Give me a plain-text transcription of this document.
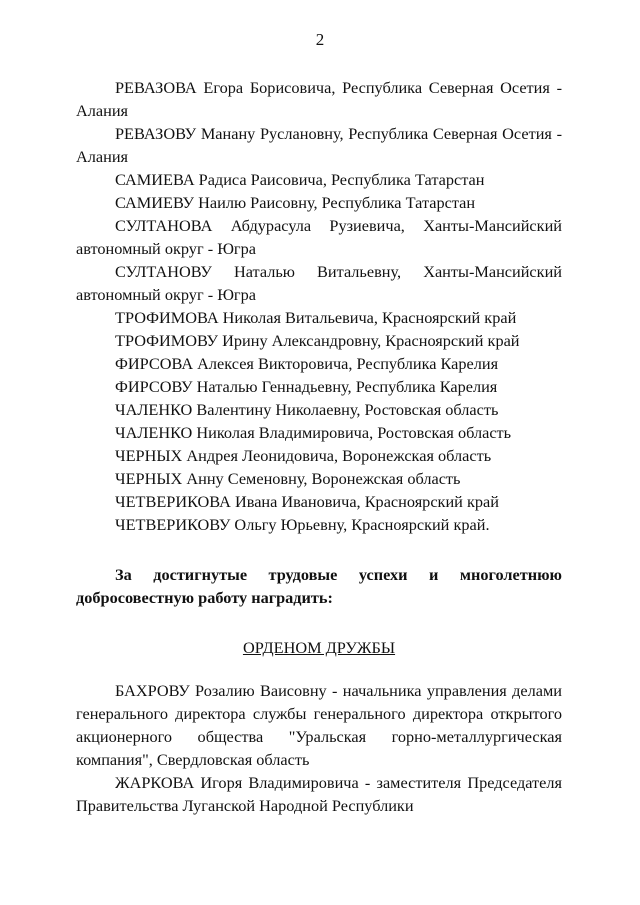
2

РЕВАЗОВА Егора Борисовича, Республика Северная Осетия - Алания

РЕВАЗОВУ Манану Руслановну, Республика Северная Осетия - Алания

САМИЕВА Радиса Раисовича, Республика Татарстан

САМИЕВУ Наилю Раисовну, Республика Татарстан

СУЛТАНОВА Абдурасула Рузиевича, Ханты-Мансийский автономный округ - Югра

СУЛТАНОВУ Наталью Витальевну, Ханты-Мансийский автономный округ - Югра

ТРОФИМОВА Николая Витальевича, Красноярский край

ТРОФИМОВУ Ирину Александровну, Красноярский край

ФИРСОВА Алексея Викторовича, Республика Карелия

ФИРСОВУ Наталью Геннадьевну, Республика Карелия

ЧАЛЕНКО Валентину Николаевну, Ростовская область

ЧАЛЕНКО Николая Владимировича, Ростовская область

ЧЕРНЫХ Андрея Леонидовича, Воронежская область

ЧЕРНЫХ Анну Семеновну, Воронежская область

ЧЕТВЕРИКОВА Ивана Ивановича, Красноярский край

ЧЕТВЕРИКОВУ Ольгу Юрьевну, Красноярский край.

За достигнутые трудовые успехи и многолетнюю добросовестную работу наградить:

ОРДЕНОМ ДРУЖБЫ

БАХРОВУ Розалию Ваисовну - начальника управления делами генерального директора службы генерального директора открытого акционерного общества "Уральская горно-металлургическая компания", Свердловская область

ЖАРКОВА Игоря Владимировича - заместителя Председателя Правительства Луганской Народной Республики
